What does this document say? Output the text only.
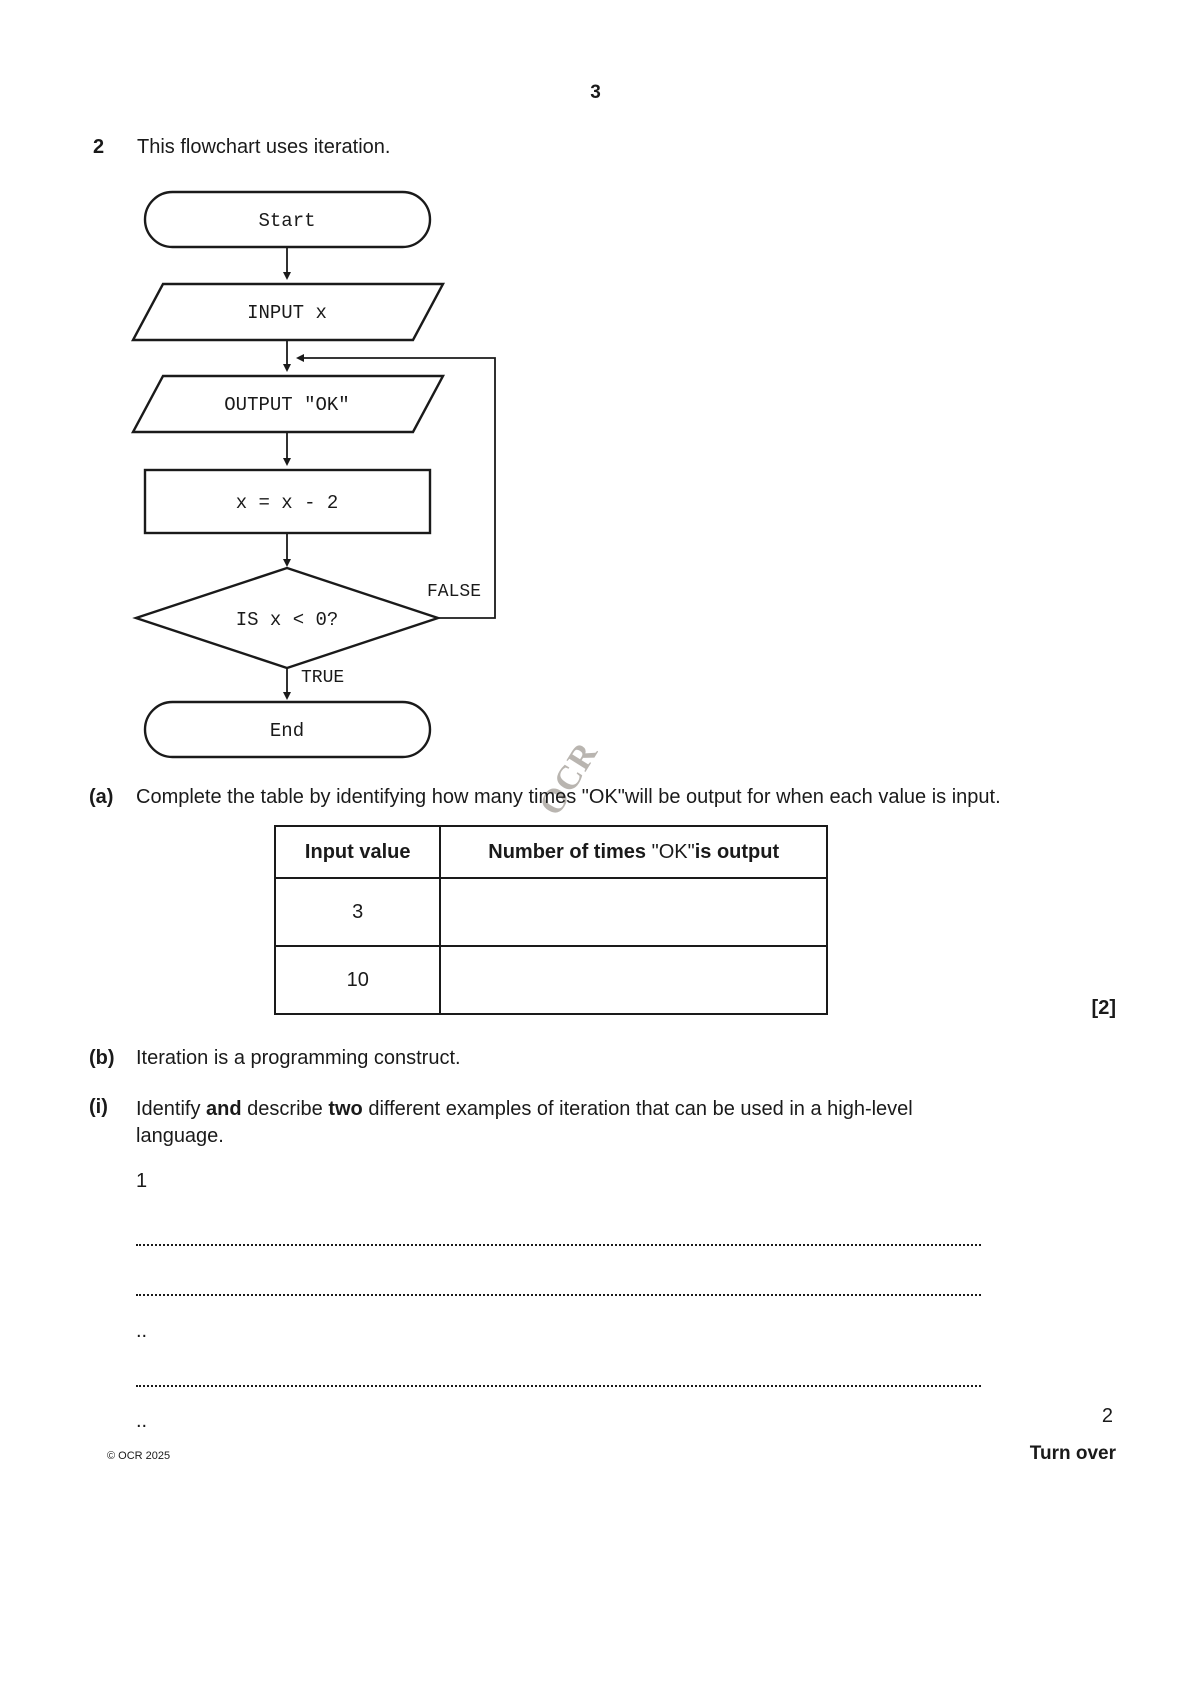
3
2 This flowchart uses iteration.
Start
INPUT x
OUTPUT "OK"
x = x - 2
IS x < 0?
FALSE
TRUE
End
OCR
(a) Complete the table by identifying how many times "OK"will be output for when each value is input.
Input value	Number of times "OK"is output
3	
10	
[2]
(b) Iteration is a programming construct.
(i) Identify and describe two different examples of iteration that can be used in a high-level language.
1
..
..
© OCR 2025
2
Turn over
